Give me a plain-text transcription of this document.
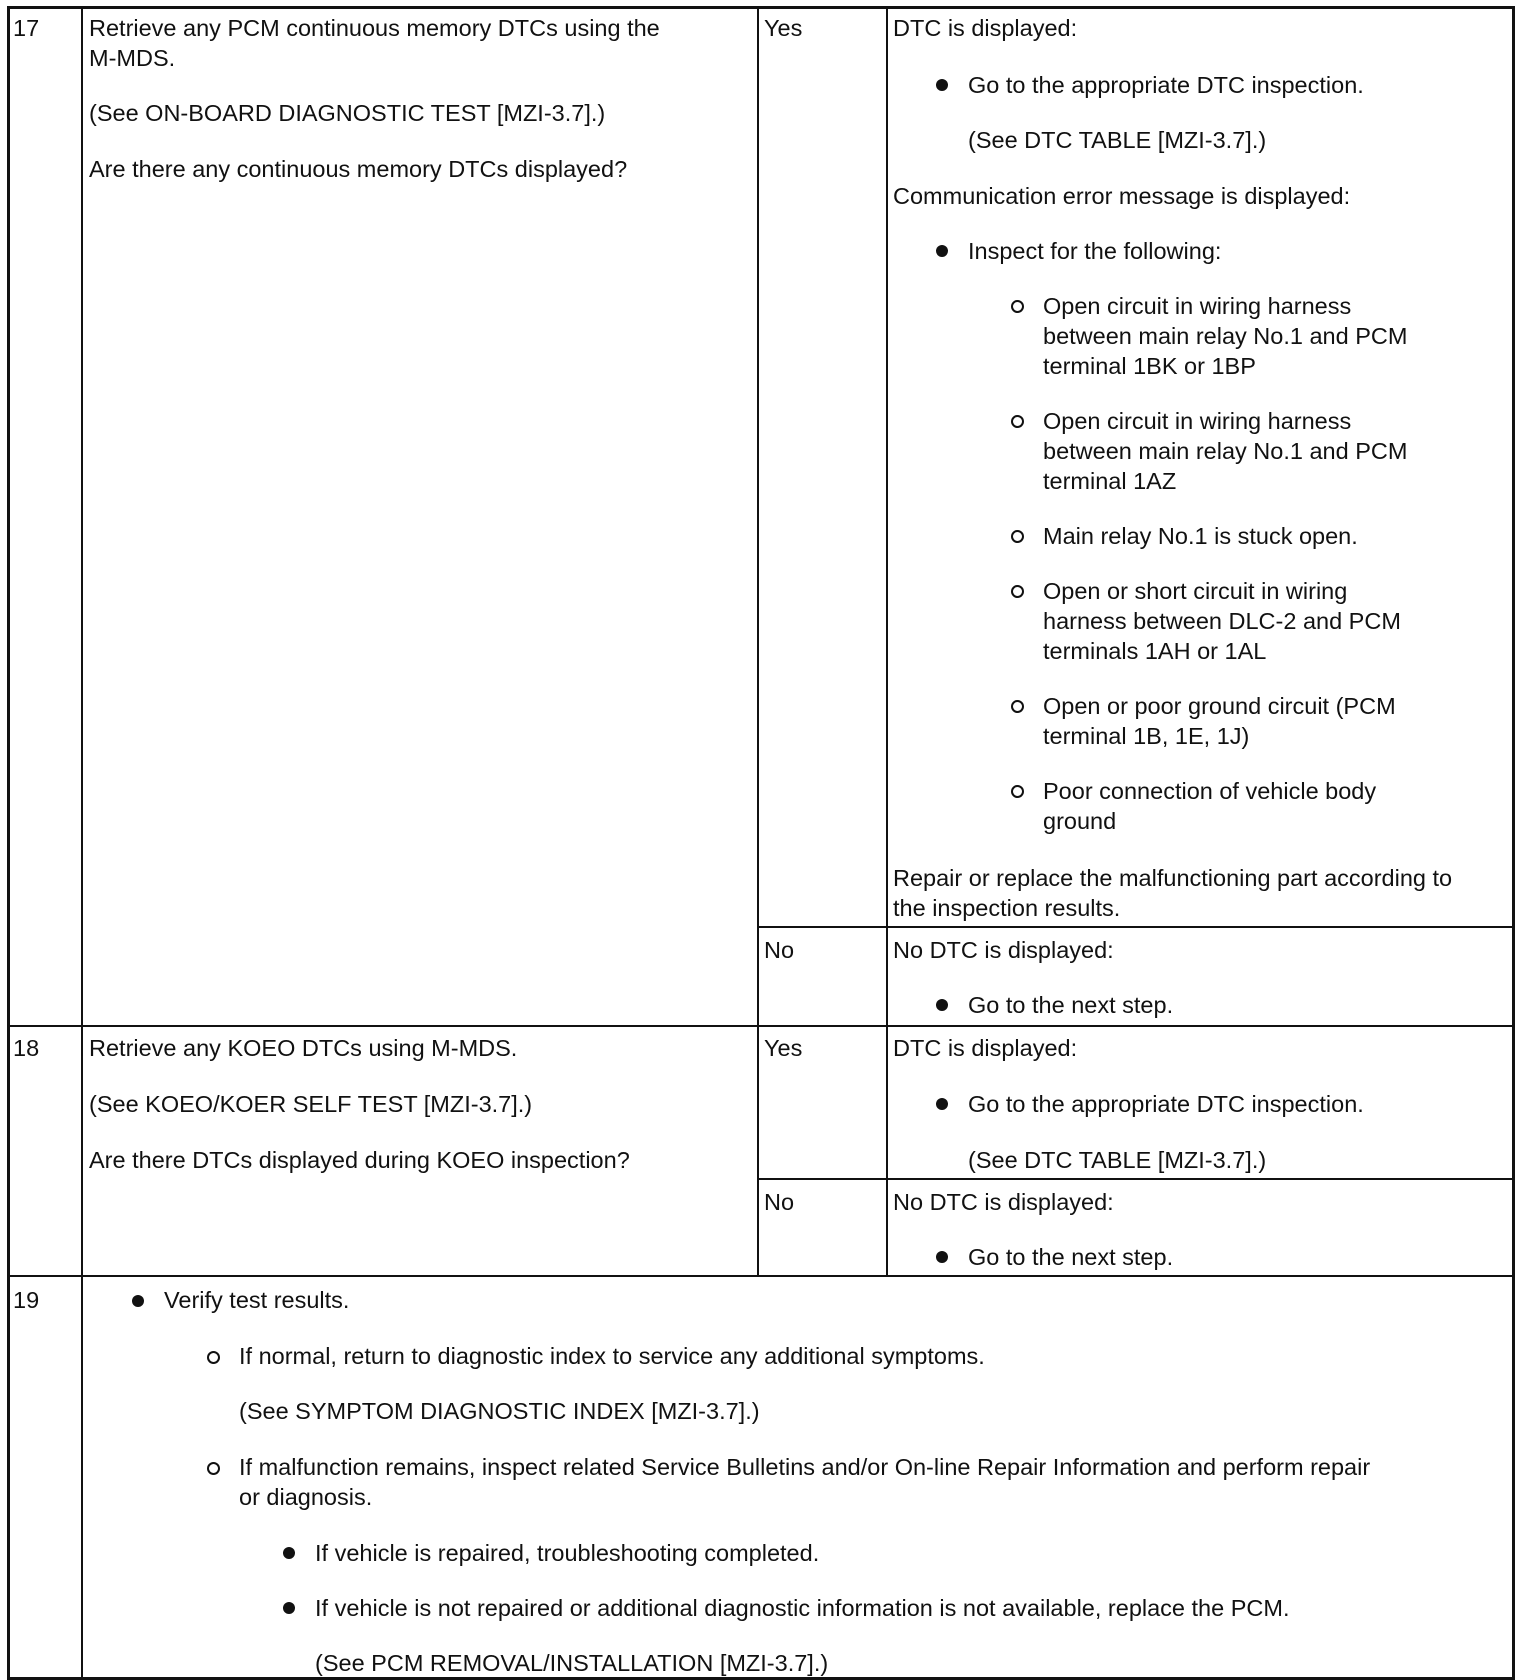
17 Retrieve any PCM continuous memory DTCs using the
M-MDS.
(See ON-BOARD DIAGNOSTIC TEST [MZI-3.7].)
Are there any continuous memory DTCs displayed?
Yes	DTC is displayed:
Go to the appropriate DTC inspection.
(See DTC TABLE [MZI-3.7].)
Communication error message is displayed:
Inspect for the following:
Open circuit in wiring harness
between main relay No.1 and PCM
terminal 1BK or 1BP
Open circuit in wiring harness
between main relay No.1 and PCM
terminal 1AZ
Main relay No.1 is stuck open.
Open or short circuit in wiring
harness between DLC-2 and PCM
terminals 1AH or 1AL
Open or poor ground circuit (PCM
terminal 1B, 1E, 1J)
Poor connection of vehicle body
ground
Repair or replace the malfunctioning part according to
the inspection results.
No	No DTC is displayed:
Go to the next step.
18 Retrieve any KOEO DTCs using M-MDS.
(See KOEO/KOER SELF TEST [MZI-3.7].)
Are there DTCs displayed during KOEO inspection?
Yes	DTC is displayed:
Go to the appropriate DTC inspection.
(See DTC TABLE [MZI-3.7].)
No	No DTC is displayed:
Go to the next step.
19	Verify test results.
If normal, return to diagnostic index to service any additional symptoms.
(See SYMPTOM DIAGNOSTIC INDEX [MZI-3.7].)
If malfunction remains, inspect related Service Bulletins and/or On-line Repair Information and perform repair
or diagnosis.
If vehicle is repaired, troubleshooting completed.
If vehicle is not repaired or additional diagnostic information is not available, replace the PCM.
(See PCM REMOVAL/INSTALLATION [MZI-3.7].)
